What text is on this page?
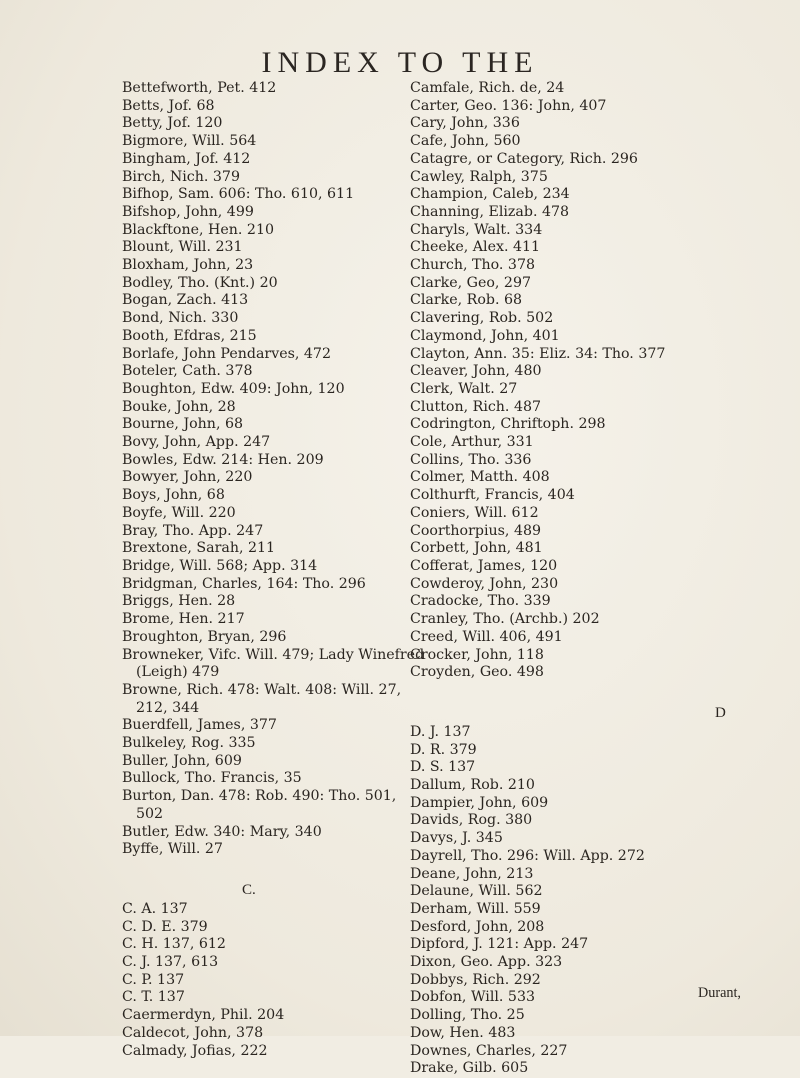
INDEX TO THE
Bettefworth, Pet. 412
Betts, Jof. 68
Betty, Jof. 120
Bigmore, Will. 564
Bingham, Jof. 412
Birch, Nich. 379
Bifhop, Sam. 606: Tho. 610, 611
Bifshop, John, 499
Blackftone, Hen. 210
Blount, Will. 231
Bloxham, John, 23
Bodley, Tho. (Knt.) 20
Bogan, Zach. 413
Bond, Nich. 330
Booth, Efdras, 215
Borlafe, John Pendarves, 472
Boteler, Cath. 378
Boughton, Edw. 409: John, 120
Bouke, John, 28
Bourne, John, 68
Bovy, John, App. 247
Bowles, Edw. 214: Hen. 209
Bowyer, John, 220
Boys, John, 68
Boyfe, Will. 220
Bray, Tho. App. 247
Brextone, Sarah, 211
Bridge, Will. 568; App. 314
Bridgman, Charles, 164: Tho. 296
Briggs, Hen. 28
Brome, Hen. 217
Broughton, Bryan, 296
Browneker, Vifc. Will. 479; Lady Winefred
(Leigh) 479
Browne, Rich. 478: Walt. 408: Will. 27,
212, 344
Buerdfell, James, 377
Bulkeley, Rog. 335
Buller, John, 609
Bullock, Tho. Francis, 35
Burton, Dan. 478: Rob. 490: Tho. 501,
502
Butler, Edw. 340: Mary, 340
Byffe, Will. 27
C.
C. A. 137
C. D. E. 379
C. H. 137, 612
C. J. 137, 613
C. P. 137
C. T. 137
Caermerdyn, Phil. 204
Caldecot, John, 378
Calmady, Jofias, 222
Camfale, Rich. de, 24
Carter, Geo. 136: John, 407
Cary, John, 336
Cafe, John, 560
Catagre, or Category, Rich. 296
Cawley, Ralph, 375
Champion, Caleb, 234
Channing, Elizab. 478
Charyls, Walt. 334
Cheeke, Alex. 411
Church, Tho. 378
Clarke, Geo, 297
Clarke, Rob. 68
Clavering, Rob. 502
Claymond, John, 401
Clayton, Ann. 35: Eliz. 34: Tho. 377
Cleaver, John, 480
Clerk, Walt. 27
Clutton, Rich. 487
Codrington, Chriftoph. 298
Cole, Arthur, 331
Collins, Tho. 336
Colmer, Matth. 408
Colthurft, Francis, 404
Coniers, Will. 612
Coorthorpius, 489
Corbett, John, 481
Cofferat, James, 120
Cowderoy, John, 230
Cradocke, Tho. 339
Cranley, Tho. (Archb.) 202
Creed, Will. 406, 491
Crocker, John, 118
Croyden, Geo. 498
D
D. J. 137
D. R. 379
D. S. 137
Dallum, Rob. 210
Dampier, John, 609
Davids, Rog. 380
Davys, J. 345
Dayrell, Tho. 296: Will. App. 272
Deane, John, 213
Delaune, Will. 562
Derham, Will. 559
Desford, John, 208
Dipford, J. 121: App. 247
Dixon, Geo. App. 323
Dobbys, Rich. 292
Dobfon, Will. 533
Dolling, Tho. 25
Dow, Hen. 483
Downes, Charles, 227
Drake, Gilb. 605
Durant,
